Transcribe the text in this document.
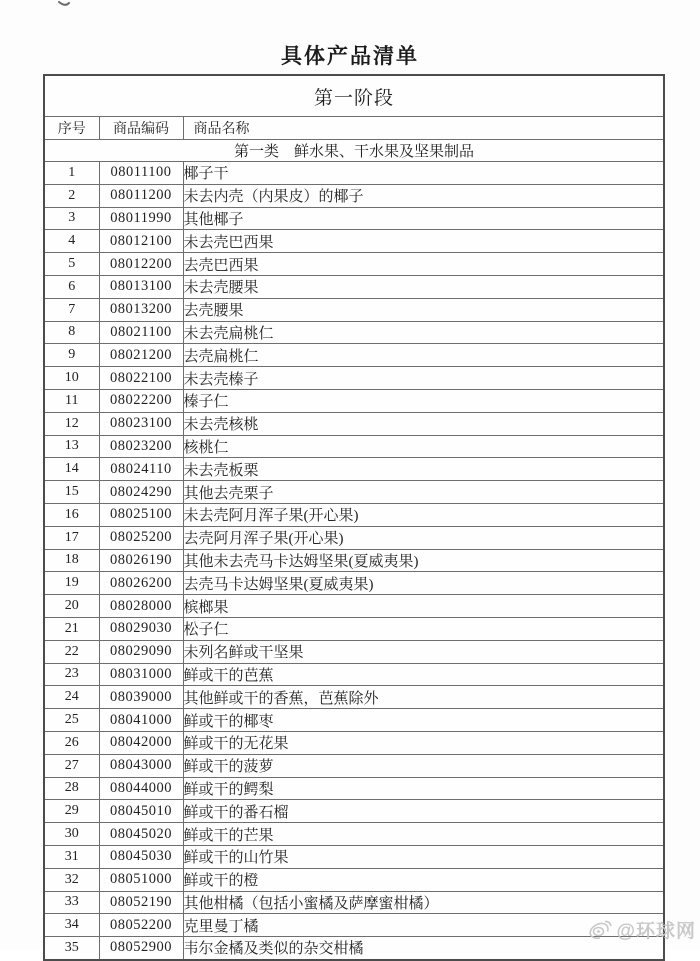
具体产品清单
第一阶段		
序号	商品编码	商品名称
第一类　鲜水果、干水果及坚果制品		
1	08011100	椰子干
2	08011200	未去内壳（内果皮）的椰子
3	08011990	其他椰子
4	08012100	未去壳巴西果
5	08012200	去壳巴西果
6	08013100	未去壳腰果
7	08013200	去壳腰果
8	08021100	未去壳扁桃仁
9	08021200	去壳扁桃仁
10	08022100	未去壳榛子
11	08022200	榛子仁
12	08023100	未去壳核桃
13	08023200	核桃仁
14	08024110	未去壳板栗
15	08024290	其他去壳栗子
16	08025100	未去壳阿月浑子果(开心果)
17	08025200	去壳阿月浑子果(开心果)
18	08026190	其他未去壳马卡达姆坚果(夏威夷果)
19	08026200	去壳马卡达姆坚果(夏威夷果)
20	08028000	槟榔果
21	08029030	松子仁
22	08029090	未列名鲜或干坚果
23	08031000	鲜或干的芭蕉
24	08039000	其他鲜或干的香蕉，芭蕉除外
25	08041000	鲜或干的椰枣
26	08042000	鲜或干的无花果
27	08043000	鲜或干的菠萝
28	08044000	鲜或干的鳄梨
29	08045010	鲜或干的番石榴
30	08045020	鲜或干的芒果
31	08045030	鲜或干的山竹果
32	08051000	鲜或干的橙
33	08052190	其他柑橘（包括小蜜橘及萨摩蜜柑橘）
34	08052200	克里曼丁橘
35	08052900	韦尔金橘及类似的杂交柑橘
@环球网
